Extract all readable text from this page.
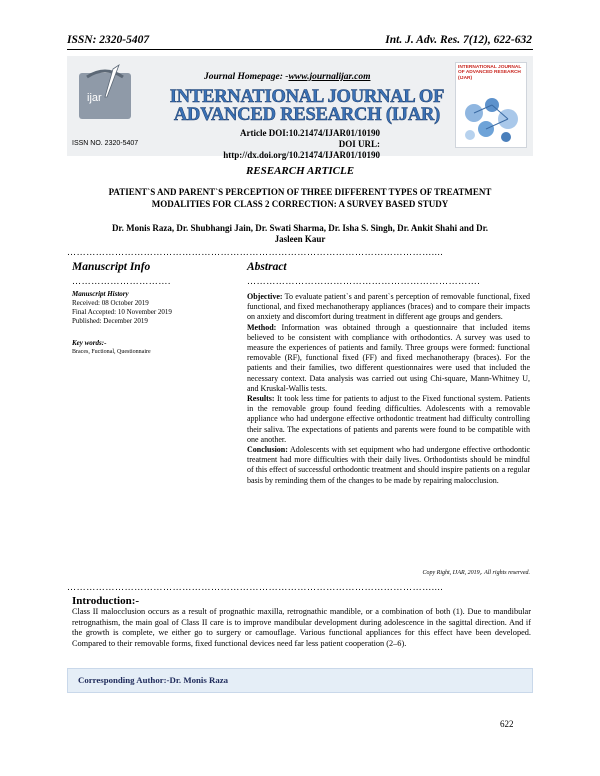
ISSN: 2320-5407	Int. J. Adv. Res. 7(12), 622-632
ijar
ISSN NO. 2320-5407
Journal Homepage: -www.journalijar.com
INTERNATIONAL JOURNAL OF ADVANCED RESEARCH (IJAR)
Article DOI:10.21474/IJAR01/10190
DOI URL: http://dx.doi.org/10.21474/IJAR01/10190
INTERNATIONAL JOURNAL OF ADVANCED RESEARCH (IJAR)
RESEARCH ARTICLE
PATIENT`S AND PARENT`S PERCEPTION OF THREE DIFFERENT TYPES OF TREATMENT MODALITIES FOR CLASS 2 CORRECTION: A SURVEY BASED STUDY
Dr. Monis Raza, Dr. Shubhangi Jain, Dr. Swati Sharma, Dr. Isha S. Singh, Dr. Ankit Shahi and Dr. Jasleen Kaur
……………………………………………………………………………………………………....
Manuscript Info
………………………….
Manuscript History
Received: 08 October 2019
Final Accepted: 10 November 2019
Published: December 2019
Key words:-
Braces, Fuctional, Questionnaire
Abstract
……………………………………………………………….

Objective: To evaluate patient`s and parent`s perception of removable functional, fixed functional, and fixed mechanotherapy appliances (braces) and to compare their impacts on anxiety and discomfort during treatment in different age groups and genders.

Method: Information was obtained through a questionnaire that included items believed to be consistent with compliance with orthodontics. A survey was used to measure the experiences of patients and family. Three groups were formed: functional removable (RF), functional fixed (FF) and fixed mechanotherapy (braces). For the patients and their families, two different questionnaires were used that included the necessary context. Data analysis was carried out using Chi-square, Mann-Whitney U, and Kruskal-Wallis tests.

Results: It took less time for patients to adjust to the Fixed functional system. Patients in the removable group found feeding difficulties. Adolescents with a removable appliance who had undergone effective orthodontic treatment had difficulty controlling their saliva. The expectations of patients and parents were found to be compatible with one another.

Conclusion: Adolescents with set equipment who had undergone effective orthodontic treatment had more difficulties with their daily lives. Orthodontists should be mindful of this effect of successful orthodontic treatment and should inspire patients on a regular basis by reminding them of the changes to be made by repairing malocclusion.

Copy Right, IJAR, 2019,. All rights reserved.
……………………………………………………………………………………………………....
Introduction:-
Class II malocclusion occurs as a result of prognathic maxilla, retrognathic mandible, or a combination of both (1). Due to mandibular retrognathism, the main goal of Class II care is to improve mandibular development during adolescence in the sagittal direction. And if the growth is complete, we either go to surgery or camouflage. Various functional appliances for this effect have been developed. Compared to their removable forms, fixed functional devices need far less patient cooperation (2–6).
Corresponding Author:-Dr. Monis Raza
622
